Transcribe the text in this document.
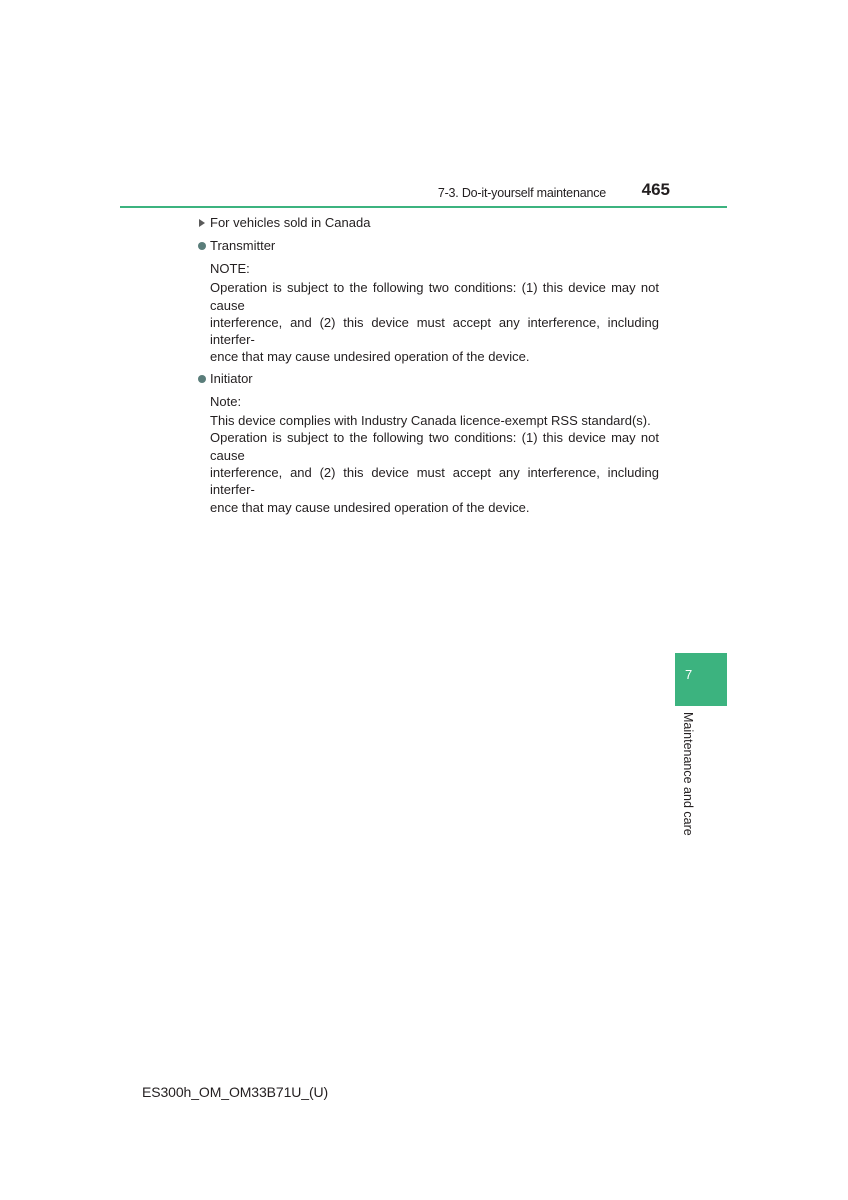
7-3. Do-it-yourself maintenance 465
For vehicles sold in Canada
Transmitter
NOTE:
Operation is subject to the following two conditions: (1) this device may not cause
interference, and (2) this device must accept any interference, including interfer-
ence that may cause undesired operation of the device.
Initiator
Note:
This device complies with Industry Canada licence-exempt RSS standard(s).
Operation is subject to the following two conditions: (1) this device may not cause
interference, and (2) this device must accept any interference, including interfer-
ence that may cause undesired operation of the device.
7
Maintenance and care
ES300h_OM_OM33B71U_(U)
